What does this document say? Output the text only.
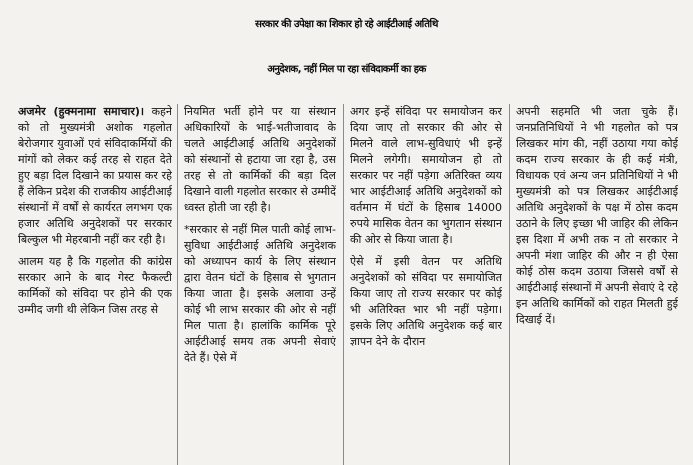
सरकार की उपेक्षा का शिकार हो रहे आईटीआई अतिथि
अनुदेशक, नहीं मिल पा रहा संविदाकर्मी का हक

अजमेर (हुक्मनामा समाचार)। कहने को तो मुख्यमंत्री अशोक गहलोत बेरोजगार युवाओं एवं संविदाकर्मियों की मांगों को लेकर कई तरह से राहत देते हुए बड़ा दिल दिखाने का प्रयास कर रहे हैं लेकिन प्रदेश की राजकीय आईटीआई संस्थानों में वर्षों से कार्यरत लगभग एक हजार अतिथि अनुदेशकों पर सरकार बिल्कुल भी मेहरबानी नहीं कर रही है।

आलम यह है कि गहलोत की कांग्रेस सरकार आने के बाद गेस्ट फैकल्टी कार्मिकों को संविदा पर होने की एक उम्मीद जगी थी लेकिन जिस तरह से

नियमित भर्ती होने पर या संस्थान अधिकारियों के भाई-भतीजावाद के चलते आईटीआई अतिथि अनुदेशकों को संस्थानों से हटाया जा रहा है, उस तरह से तो कार्मिकों की बड़ा दिल दिखाने वाली गहलोत सरकार से उम्मीदें ध्वस्त होती जा रही है।

*सरकार से नहीं मिल पाती कोई लाभ-सुविधा आईटीआई अतिथि अनुदेशक को अध्यापन कार्य के लिए संस्थान द्वारा वेतन घंटों के हिसाब से भुगतान किया जाता है। इसके अलावा उन्हें कोई भी लाभ सरकार की ओर से नहीं मिल पाता है। हालांकि कार्मिक पूरे आईटीआई समय तक अपनी सेवाएं देते हैं। ऐसे में

अगर इन्हें संविदा पर समायोजन कर दिया जाए तो सरकार की ओर से मिलने वाले लाभ-सुविधाएं भी इन्हें मिलने लगेगी। समायोजन हो तो सरकार पर नहीं पड़ेगा अतिरिक्त व्यय भार आईटीआई अतिथि अनुदेशकों को वर्तमान में घंटों के हिसाब 14000 रुपये मासिक वेतन का भुगतान संस्थान की ओर से किया जाता है।

ऐसे में इसी वेतन पर अतिथि अनुदेशकों को संविदा पर समायोजित किया जाए तो राज्य सरकार पर कोई भी अतिरिक्त भार भी नहीं पड़ेगा। इसके लिए अतिथि अनुदेशक कई बार ज्ञापन देने के दौरान

अपनी सहमति भी जता चुके हैं। जनप्रतिनिधियों ने भी गहलोत को पत्र लिखकर मांग की, नहीं उठाया गया कोई कदम राज्य सरकार के ही कई मंत्री, विधायक एवं अन्य जन प्रतिनिधियों ने भी मुख्यमंत्री को पत्र लिखकर आईटीआई अतिथि अनुदेशकों के पक्ष में ठोस कदम उठाने के लिए इच्छा भी जाहिर की लेकिन इस दिशा में अभी तक न तो सरकार ने अपनी मंशा जाहिर की और न ही ऐसा कोई ठोस कदम उठाया जिससे वर्षों से आईटीआई संस्थानों में अपनी सेवाएं दे रहे इन अतिथि कार्मिकों को राहत मिलती हुई दिखाई दें।
